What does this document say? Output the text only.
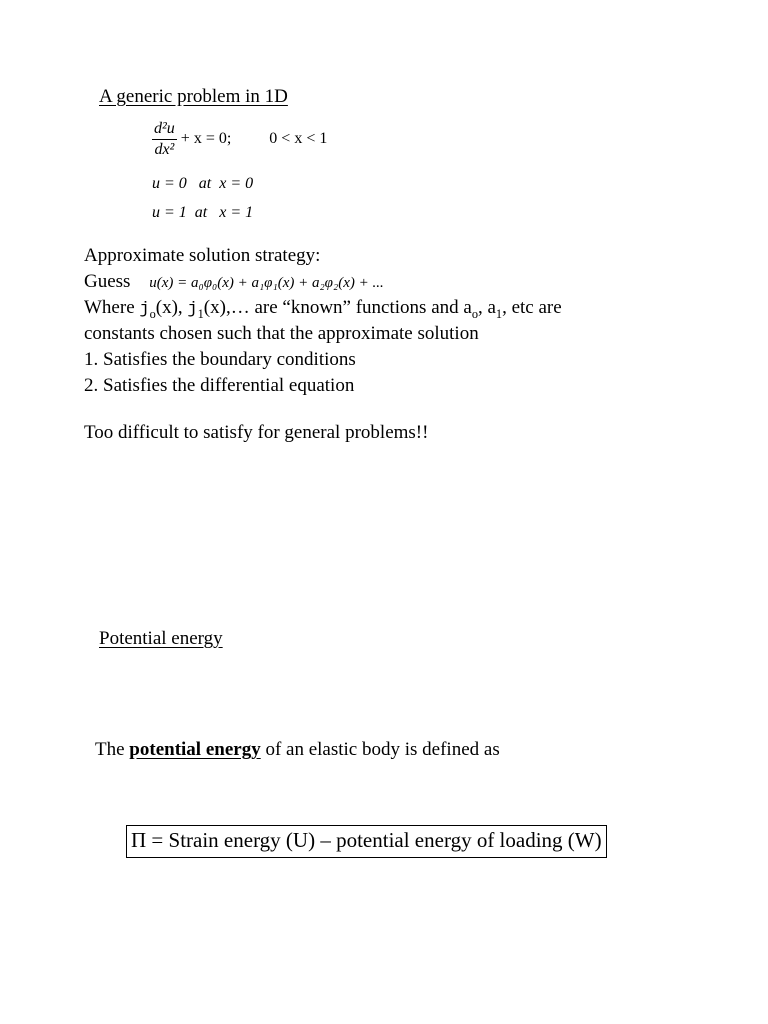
A generic problem in 1D
$\frac{\text{d²u}}{\text{dx²}} + x = 0$; 0 < x < 1
u = 0   at  x = 0
u = 1  at   x = 1
Approximate solution strategy:
Guess u(x) = a₀φ₀(x) + a₁φ₁(x) + a₂φ₂(x) + ...
Where $j_o(x)$, $j_1(x),\dots$ are “known” functions and $a_o$, $a_1$, etc are
constants chosen such that the approximate solution
1. Satisfies the boundary conditions
2. Satisfies the differential equation
Too difficult to satisfy for general problems!!
Potential energy
The potential energy of an elastic body is defined as
Π = Strain energy (U) – potential energy of loading (W)
